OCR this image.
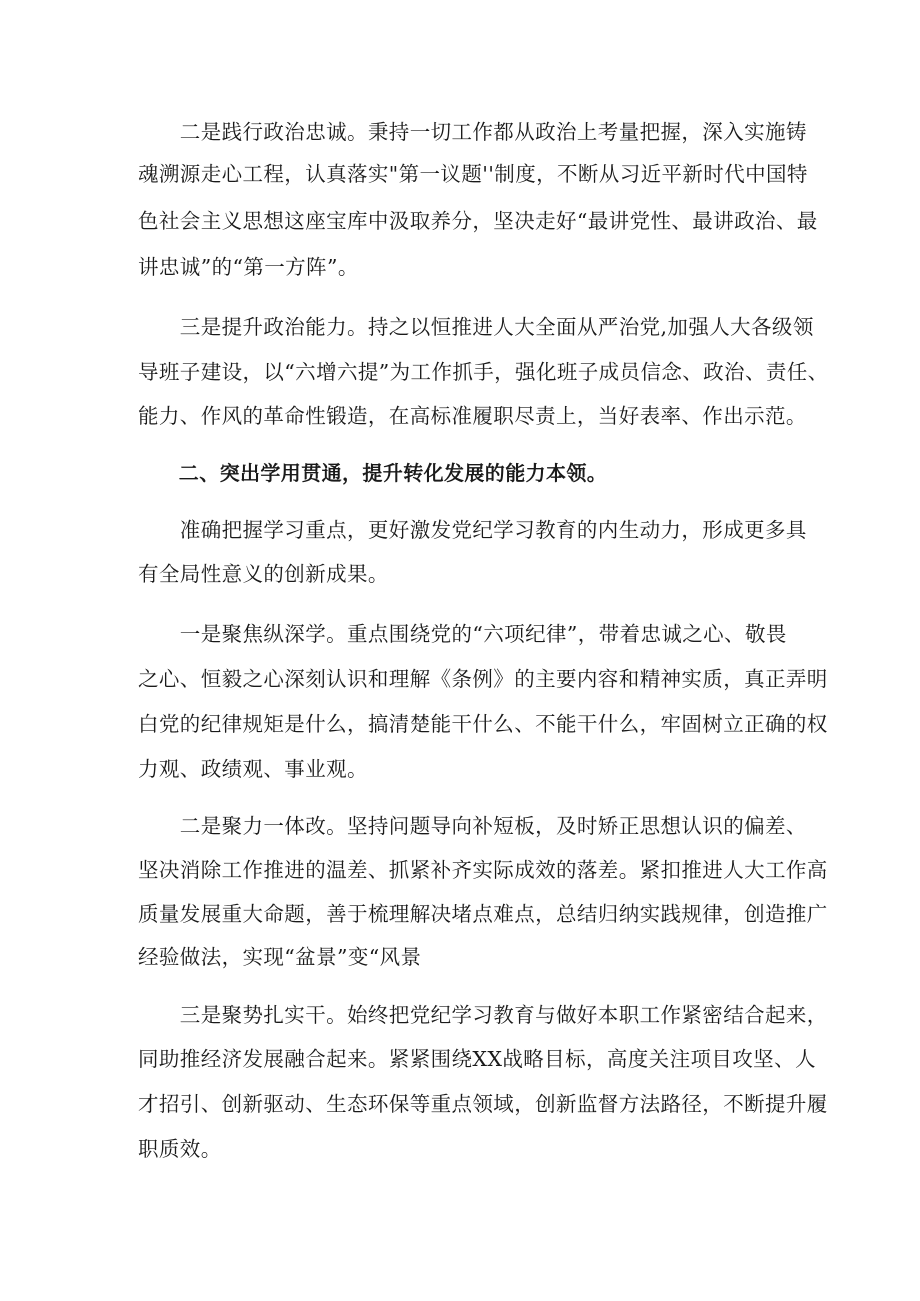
　　二是践行政治忠诚。秉持一切工作都从政治上考量把握，深入实施铸

魂溯源走心工程，认真落实"第一议题''制度，不断从习近平新时代中国特

色社会主义思想这座宝库中汲取养分，坚决走好“最讲党性、最讲政治、最

讲忠诚”的“第一方阵”。

　　三是提升政治能力。持之以恒推进人大全面从严治党,加强人大各级领

导班子建设，以“六增六提”为工作抓手，强化班子成员信念、政治、责任、

能力、作风的革命性锻造，在高标准履职尽责上，当好表率、作出示范。

　　二、突出学用贯通，提升转化发展的能力本领。

　　准确把握学习重点，更好激发党纪学习教育的内生动力，形成更多具

有全局性意义的创新成果。

　　一是聚焦纵深学。重点围绕党的“六项纪律”，带着忠诚之心、敬畏

之心、恒毅之心深刻认识和理解《条例》的主要内容和精神实质，真正弄明

白党的纪律规矩是什么，搞清楚能干什么、不能干什么，牢固树立正确的权

力观、政绩观、事业观。

　　二是聚力一体改。坚持问题导向补短板，及时矫正思想认识的偏差、

坚决消除工作推进的温差、抓紧补齐实际成效的落差。紧扣推进人大工作高

质量发展重大命题，善于梳理解决堵点难点，总结归纳实践规律，创造推广

经验做法，实现“盆景”变“风景

　　三是聚势扎实干。始终把党纪学习教育与做好本职工作紧密结合起来，

同助推经济发展融合起来。紧紧围绕XX战略目标，高度关注项目攻坚、人

才招引、创新驱动、生态环保等重点领域，创新监督方法路径，不断提升履

职质效。
